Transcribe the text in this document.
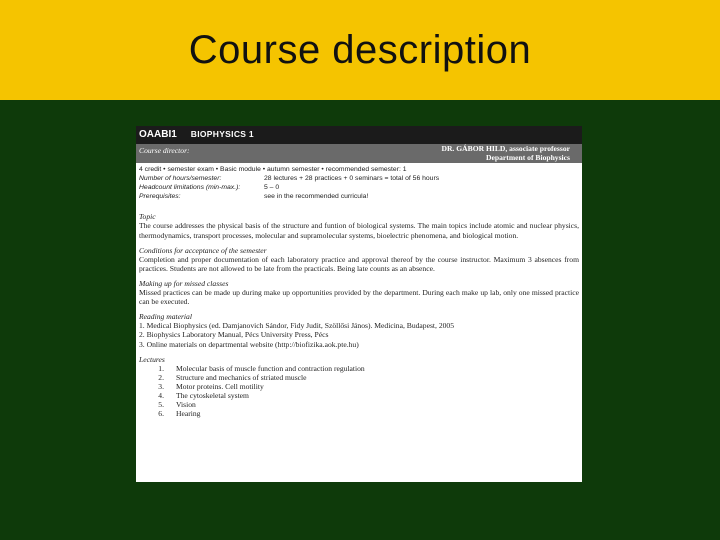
Course description
OAABI1 BIOPHYSICS 1
Course director:	DR. GÁBOR HILD, associate professor
Department of Biophysics
4 credit • semester exam • Basic module • autumn semester • recommended semester: 1
Number of hours/semester:	28 lectures + 28 practices + 0 seminars = total of 56 hours
Headcount limitations (min-max.):	5 – 0
Prerequisites:	see in the recommended curricula!
Topic
The course addresses the physical basis of the structure and funtion of biological systems. The main topics include atomic and nuclear physics, thermodynamics, transport processes, molecular and supramolecular systems, bioelectric phenomena, and biological motion.
Conditions for acceptance of the semester
Completion and proper documentation of each laboratory practice and approval thereof by the course instructor. Maximum 3 absences from practices. Students are not allowed to be late from the practicals. Being late counts as an absence.
Making up for missed classes
Missed practices can be made up during make up opportunities provided by the department. During each make up lab, only one missed practice can be executed.
Reading material
1. Medical Biophysics (ed. Damjanovich Sándor, Fidy Judit, Szöllősi János). Medicina, Budapest, 2005
2. Biophysics Laboratory Manual, Pécs University Press, Pécs
3. Online materials on departmental website (http://biofizika.aok.pte.hu)
Lectures
1.	Molecular basis of muscle function and contraction regulation
2.	Structure and mechanics of striated muscle
3.	Motor proteins. Cell motility
4.	The cytoskeletal system
5.	Vision
6.	Hearing
